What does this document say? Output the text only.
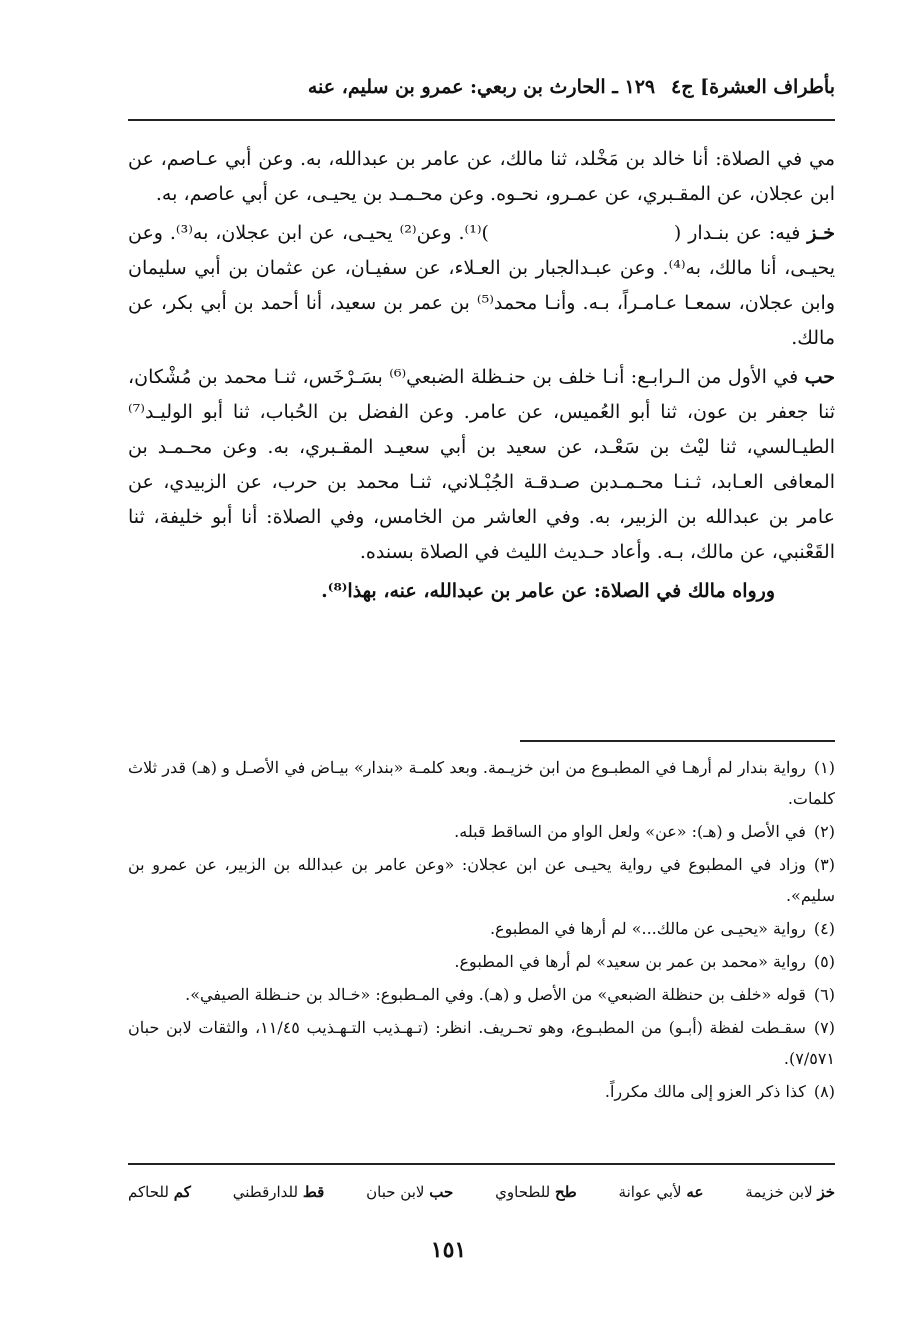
بأطراف العشرة] ج٤
١٢٩ ـ الحارث بن ربعي: عمرو بن سليم، عنه

مي في الصلاة: أنا خالد بن مَخْلد، ثنا مالك، عن عامر بن عبدالله، به. وعن أبي عـاصم، عن ابن عجلان، عن المقـبري، عن عمـرو، نحـوه. وعن محـمـد بن يحيـى، عن أبي عاصم، به.

خـز فيه: عن بنـدار ()⁽¹⁾. وعن⁽²⁾ يحيـى، عن ابن عجلان، به⁽³⁾. وعن يحيـى، أنا مالك، به⁽⁴⁾. وعن عبـدالجبار بن العـلاء، عن سفيـان، عن عثمان بن أبي سليمان وابن عجلان، سمعـا عـامـراً، بـه. وأنـا محمد⁽⁵⁾ بن عمر بن سعيد، أنا أحمد بن أبي بكر، عن مالك.

حب في الأول من الـرابـع: أنـا خلف بن حنـظلة الضبعي⁽⁶⁾ بسَـرْخَس، ثنـا محمد بن مُشْكان، ثنا جعفر بن عون، ثنا أبو العُميس، عن عامر. وعن الفضل بن الحُباب، ثنا أبو الوليـد⁽⁷⁾ الطيـالسي، ثنا ليْث بن سَعْـد، عن سعيد بن أبي سعيـد المقـبري، به. وعن محـمـد بن المعافى العـابد، ثـنـا محـمـدبن صـدقـة الجُبْـلاني، ثنـا محمد بن حرب، عن الزبيدي، عن عامر بن عبدالله بن الزبير، به. وفي العاشر من الخامس، وفي الصلاة: أنا أبو خليفة، ثنا القَعْنبي، عن مالك، بـه. وأعاد حـديث الليث في الصلاة بسنده.

ورواه مالك في الصلاة: عن عامر بن عبدالله، عنه، بهذا⁽⁸⁾.

(١)رواية بندار لم أرهـا في المطبـوع من ابن خزيـمة. وبعد كلمـة «بندار» بيـاض في الأصـل و (هـ) قدر ثلاث كلمات.

(٢)في الأصل و (هـ): «عن» ولعل الواو من الساقط قبله.

(٣)وزاد في المطبوع في رواية يحيـى عن ابن عجلان: «وعن عامر بن عبدالله بن الزبير، عن عمرو بن سليم».

(٤)رواية «يحيـى عن مالك...» لم أرها في المطبوع.

(٥)رواية «محمد بن عمر بن سعيد» لم أرها في المطبوع.

(٦)قوله «خلف بن حنظلة الضبعي» من الأصل و (هـ). وفي المـطبوع: «خـالد بن حنـظلة الصيفي».

(٧)سقـطت لفظة (أبـو) من المطبـوع، وهو تحـريف. انظر: (تـهـذيب التـهـذيب ١١/٤٥، والثقات لابن حبان ٧/٥٧١).

(٨)كذا ذكر العزو إلى مالك مكرراً.

خز لابن خزيمة
عه لأبي عوانة
طح للطحاوي
حب لابن حبان
قط للدارقطني
كم للحاكم
١٥١
